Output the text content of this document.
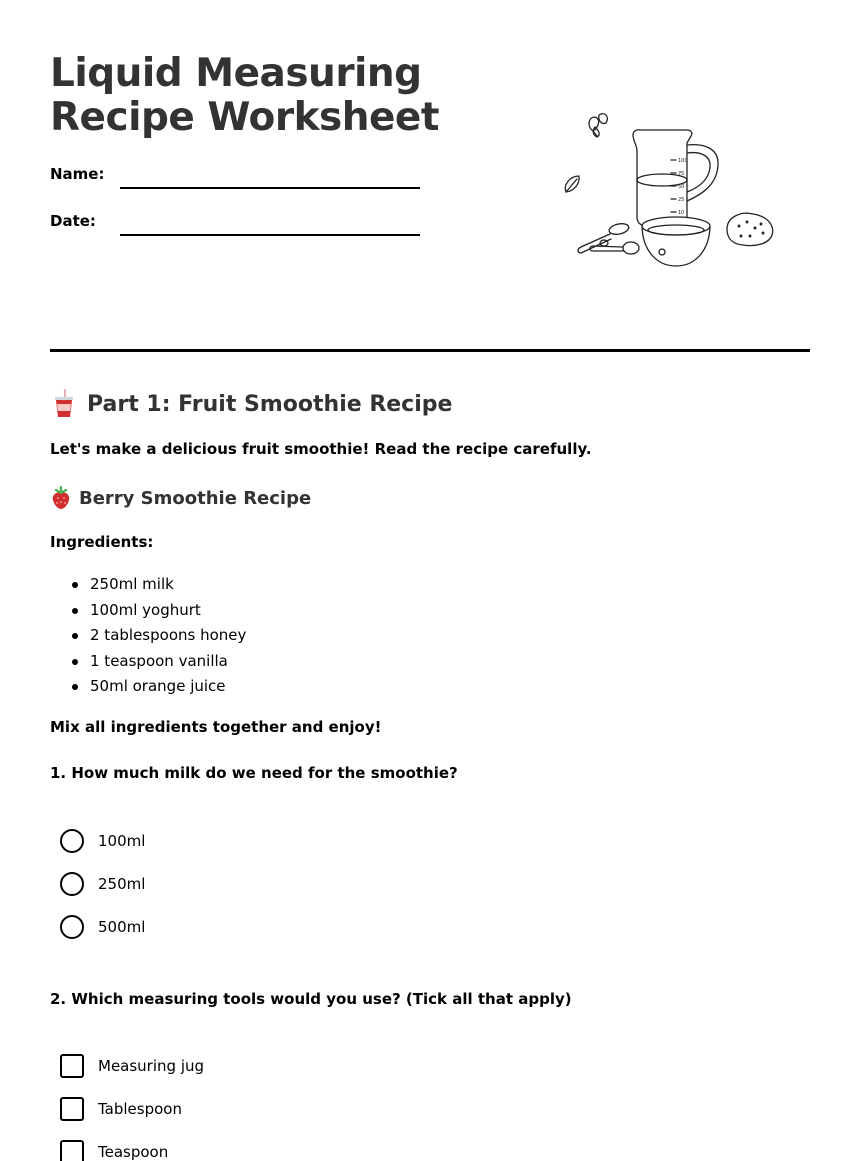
Liquid Measuring
Recipe Worksheet
Name:
Date:
100
75
50
25
10
Part 1: Fruit Smoothie Recipe

Let's make a delicious fruit smoothie! Read the recipe carefully.

Berry Smoothie Recipe
Ingredients:
250ml milk
100ml yoghurt
2 tablespoons honey
1 teaspoon vanilla
50ml orange juice

Mix all ingredients together and enjoy!

1. How much milk do we need for the smoothie?

100ml
250ml
500ml

2. Which measuring tools would you use? (Tick all that apply)

Measuring jug
Tablespoon
Teaspoon
